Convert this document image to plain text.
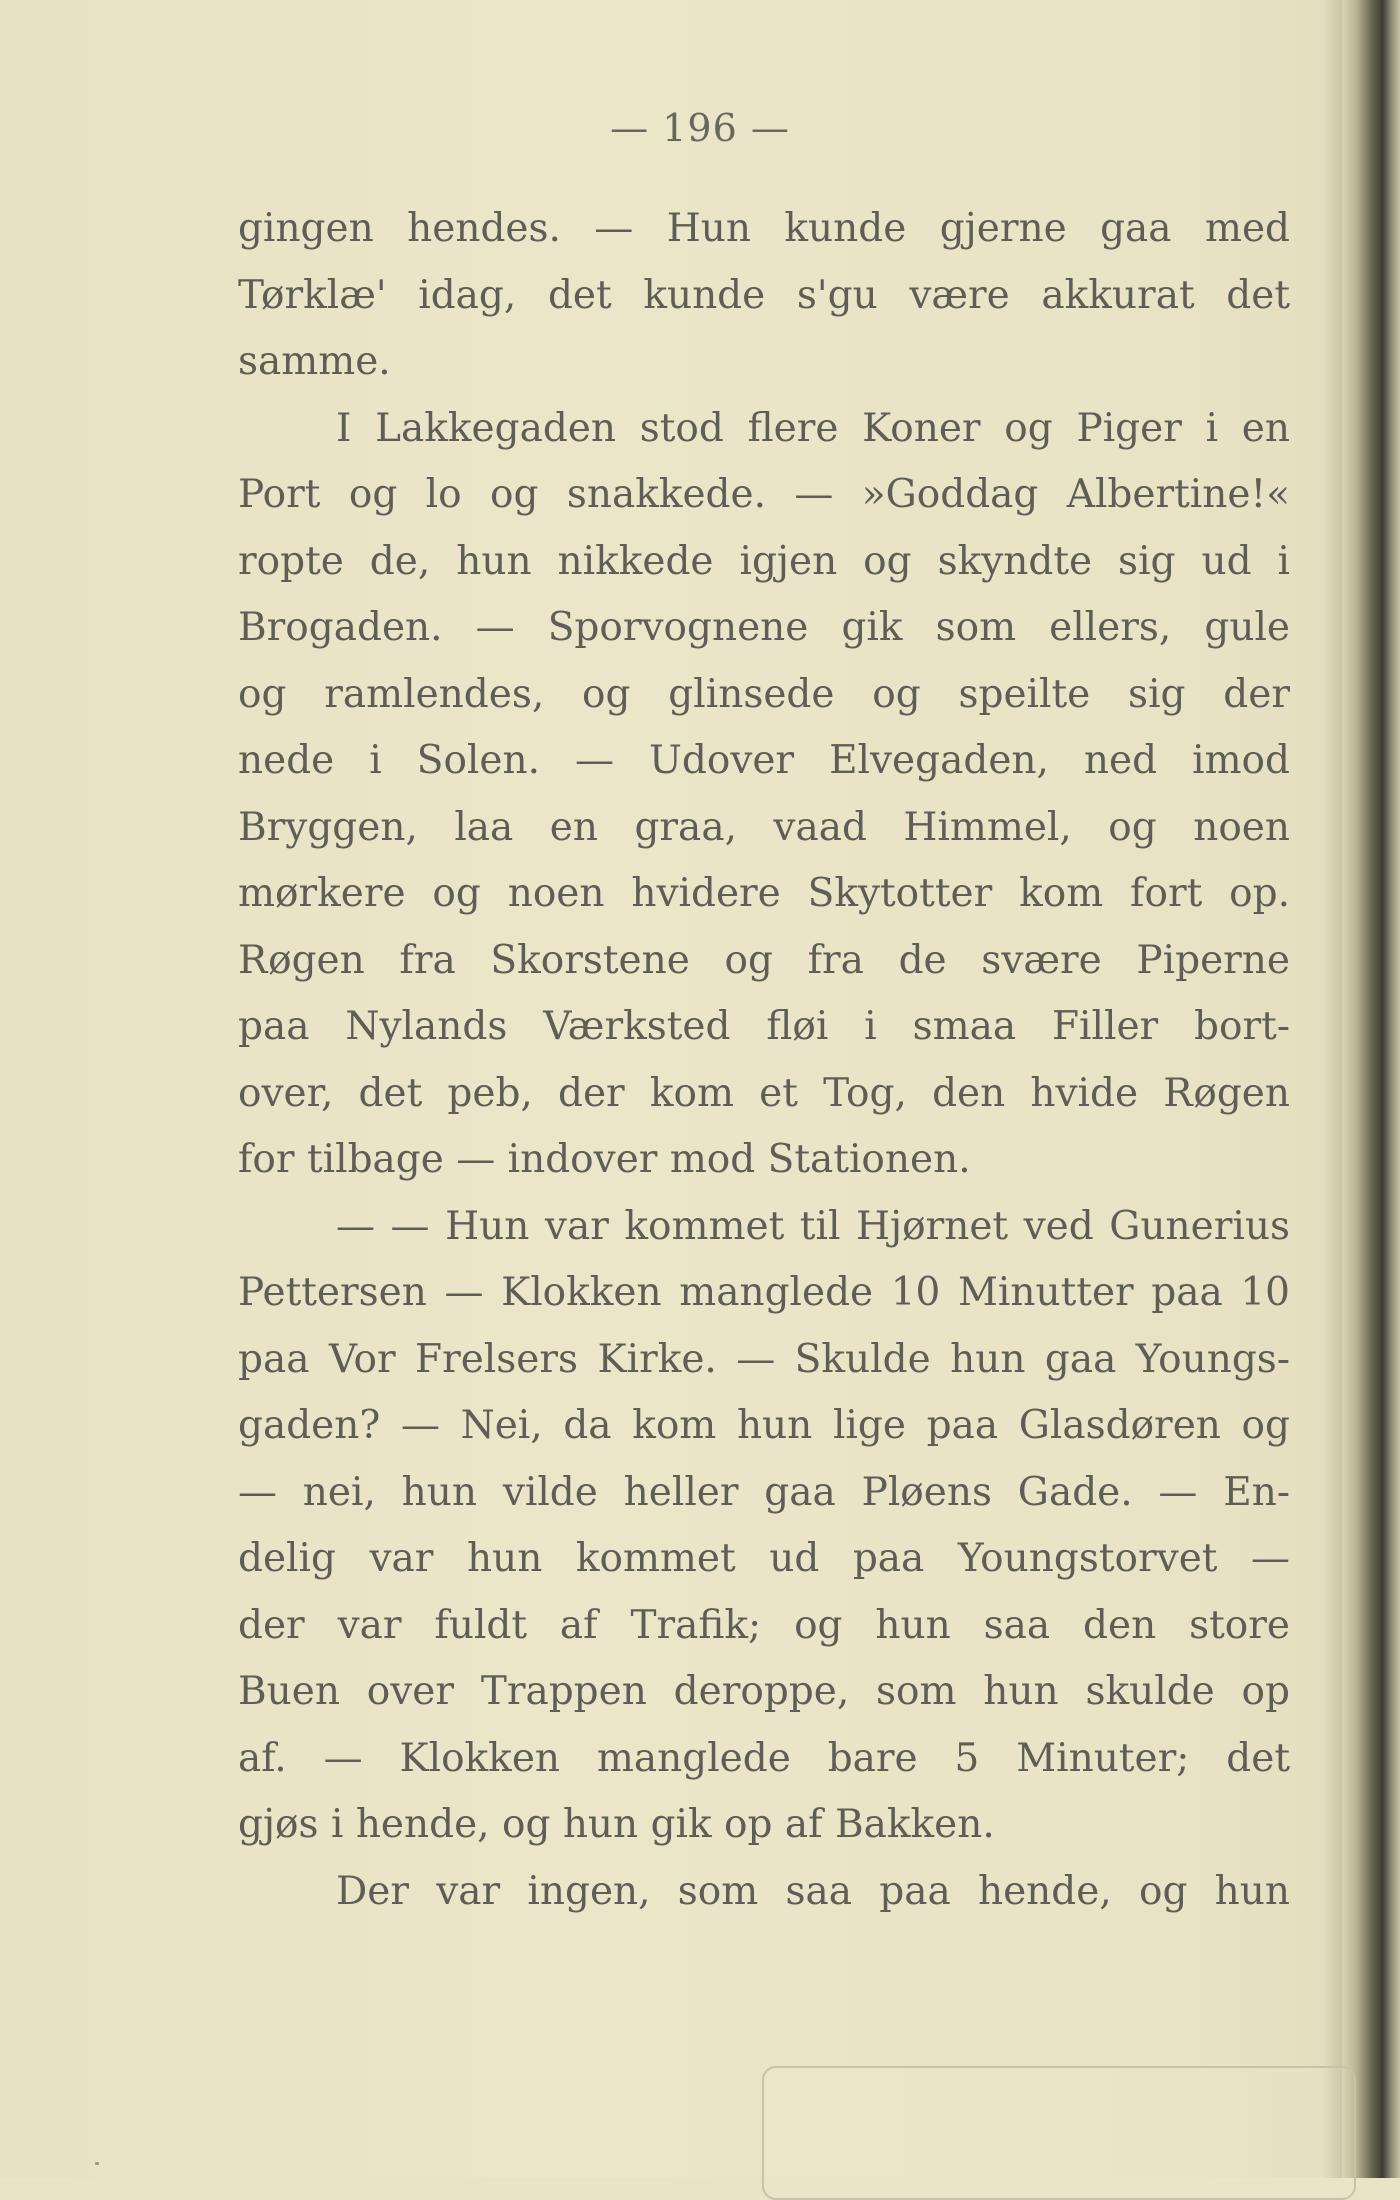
— 196 —
gingen hendes. — Hun kunde gjerne gaa med
Tørklæ' idag, det kunde s'gu være akkurat det
samme.
I Lakkegaden stod flere Koner og Piger i en
Port og lo og snakkede. — »Goddag Albertine!«
ropte de, hun nikkede igjen og skyndte sig ud i
Brogaden. — Sporvognene gik som ellers, gule
og ramlendes, og glinsede og speilte sig der
nede i Solen. — Udover Elvegaden, ned imod
Bryggen, laa en graa, vaad Himmel, og noen
mørkere og noen hvidere Skytotter kom fort op.
Røgen fra Skorstene og fra de svære Piperne
paa Nylands Værksted fløi i smaa Filler bort-
over, det peb, der kom et Tog, den hvide Røgen
for tilbage — indover mod Stationen.
— — Hun var kommet til Hjørnet ved Gunerius
Pettersen — Klokken manglede 10 Minutter paa 10
paa Vor Frelsers Kirke. — Skulde hun gaa Youngs-
gaden? — Nei, da kom hun lige paa Glasdøren og
— nei, hun vilde heller gaa Pløens Gade. — En-
delig var hun kommet ud paa Youngstorvet —
der var fuldt af Trafik; og hun saa den store
Buen over Trappen deroppe, som hun skulde op
af. — Klokken manglede bare 5 Minuter; det
gjøs i hende, og hun gik op af Bakken.
Der var ingen, som saa paa hende, og hun
